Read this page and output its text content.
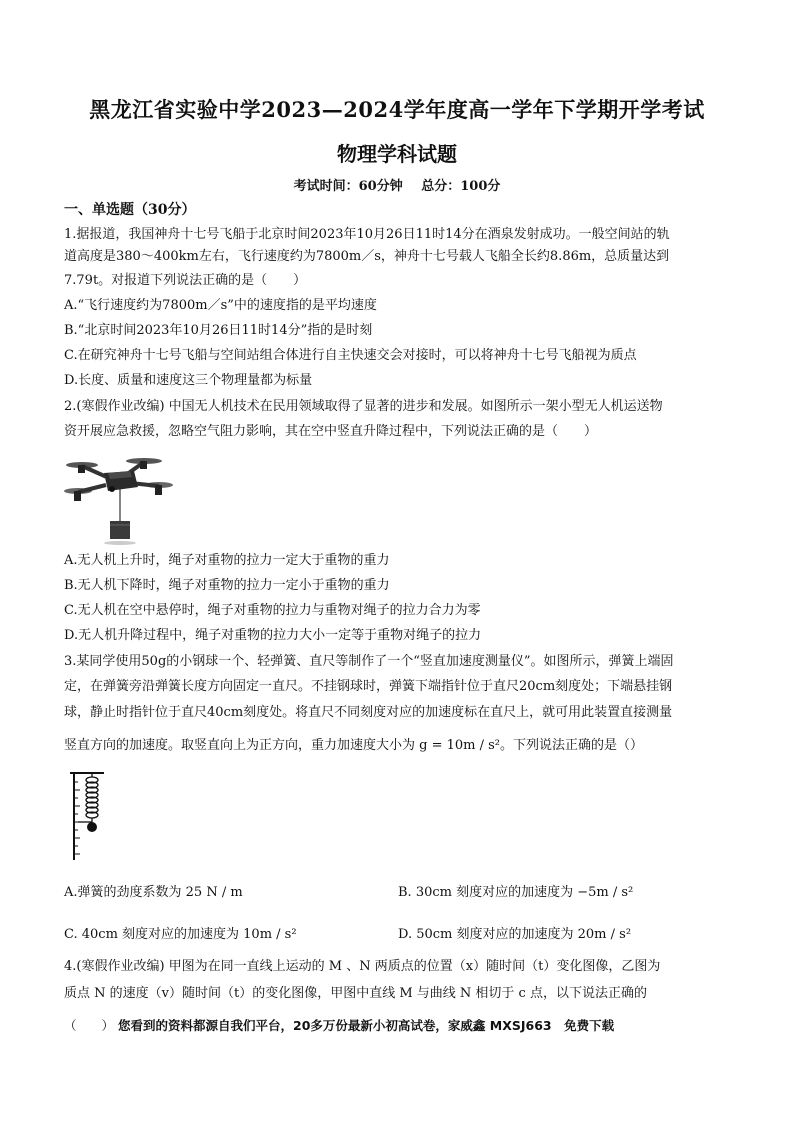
黑龙江省实验中学2023—2024学年度高一学年下学期开学考试
物理学科试题
考试时间：60分钟 总分：100分
一、单选题（30分）
1.据报道，我国神舟十七号飞船于北京时间2023年10月26日11时14分在酒泉发射成功。一般空间站的轨
道高度是380～400km左右，飞行速度约为7800m／s，神舟十七号载人飞船全长约8.86m，总质量达到
7.79t。对报道下列说法正确的是（　　）
A.“飞行速度约为7800m／s”中的速度指的是平均速度
B.“北京时间2023年10月26日11时14分”指的是时刻
C.在研究神舟十七号飞船与空间站组合体进行自主快速交会对接时，可以将神舟十七号飞船视为质点
D.长度、质量和速度这三个物理量都为标量
2.(寒假作业改编) 中国无人机技术在民用领域取得了显著的进步和发展。如图所示一架小型无人机运送物
资开展应急救援，忽略空气阻力影响，其在空中竖直升降过程中，下列说法正确的是（　　）
A.无人机上升时，绳子对重物的拉力一定大于重物的重力
B.无人机下降时，绳子对重物的拉力一定小于重物的重力
C.无人机在空中悬停时，绳子对重物的拉力与重物对绳子的拉力合力为零
D.无人机升降过程中，绳子对重物的拉力大小一定等于重物对绳子的拉力
3.某同学使用50g的小钢球一个、轻弹簧、直尺等制作了一个“竖直加速度测量仪”。如图所示，弹簧上端固
定，在弹簧旁沿弹簧长度方向固定一直尺。不挂钢球时，弹簧下端指针位于直尺20cm刻度处；下端悬挂钢
球，静止时指针位于直尺40cm刻度处。将直尺不同刻度对应的加速度标在直尺上，就可用此装置直接测量
竖直方向的加速度。取竖直向上为正方向，重力加速度大小为 g = 10m / s²。下列说法正确的是（）
A.弹簧的劲度系数为 25 N / m	B. 30cm 刻度对应的加速度为 −5m / s²
C. 40cm 刻度对应的加速度为 10m / s²	D. 50cm 刻度对应的加速度为 20m / s²
4.(寒假作业改编) 甲图为在同一直线上运动的 M 、N 两质点的位置（x）随时间（t）变化图像，乙图为
质点 N 的速度（v）随时间（t）的变化图像，甲图中直线 M 与曲线 N 相切于 c 点，以下说法正确的
（　　） 您看到的资料都源自我们平台，20多万份最新小初高试卷，家威鑫 MXSJ663　免费下载
